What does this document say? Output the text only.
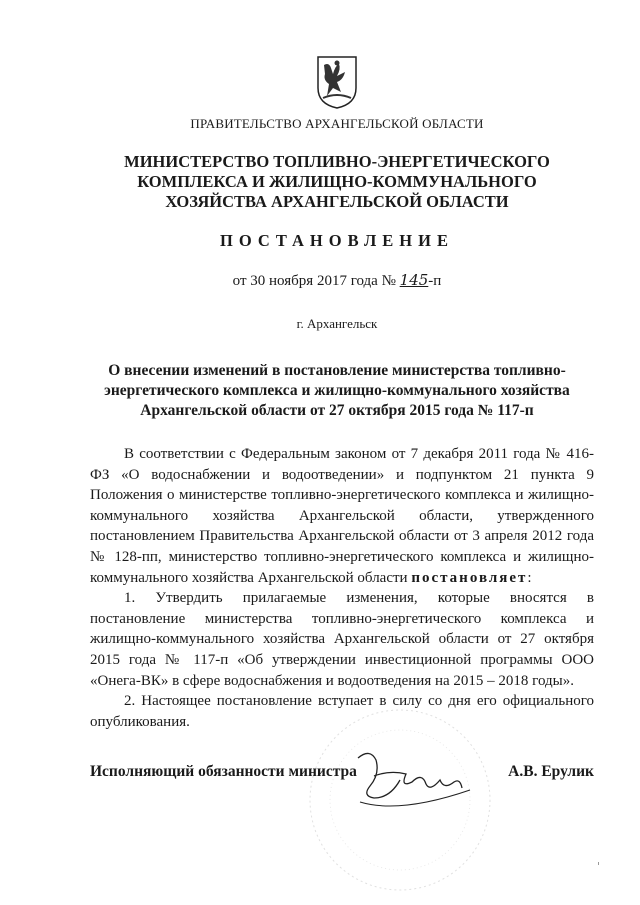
ПРАВИТЕЛЬСТВО АРХАНГЕЛЬСКОЙ ОБЛАСТИ
МИНИСТЕРСТВО ТОПЛИВНО-ЭНЕРГЕТИЧЕСКОГО
КОМПЛЕКСА И ЖИЛИЩНО-КОММУНАЛЬНОГО
ХОЗЯЙСТВА АРХАНГЕЛЬСКОЙ ОБЛАСТИ
ПОСТАНОВЛЕНИЕ
от 30 ноября 2017 года № 145-п
г. Архангельск
О внесении изменений в постановление министерства топливно-
энергетического комплекса и жилищно-коммунального хозяйства
Архангельской области от 27 октября 2015 года № 117-п

В соответствии с Федеральным законом от 7 декабря 2011 года № 416-ФЗ «О водоснабжении и водоотведении» и подпунктом 21 пункта 9 Положения о министерстве топливно-энергетического комплекса и жилищно-коммунального хозяйства Архангельской области, утвержденного постановлением Правительства Архангельской области от 3 апреля 2012 года № 128-пп, министерство топливно-энергетического комплекса и жилищно-коммунального хозяйства Архангельской области постановляет:

1. Утвердить прилагаемые изменения, которые вносятся в постановление министерства топливно-энергетического комплекса и жилищно-коммунального хозяйства Архангельской области от 27 октября 2015 года № 117-п «Об утверждении инвестиционной программы ООО «Онега-ВК» в сфере водоснабжения и водоотведения на 2015 – 2018 годы».

2. Настоящее постановление вступает в силу со дня его официального опубликования.

Исполняющий обязанности министра	А.В. Ерулик
